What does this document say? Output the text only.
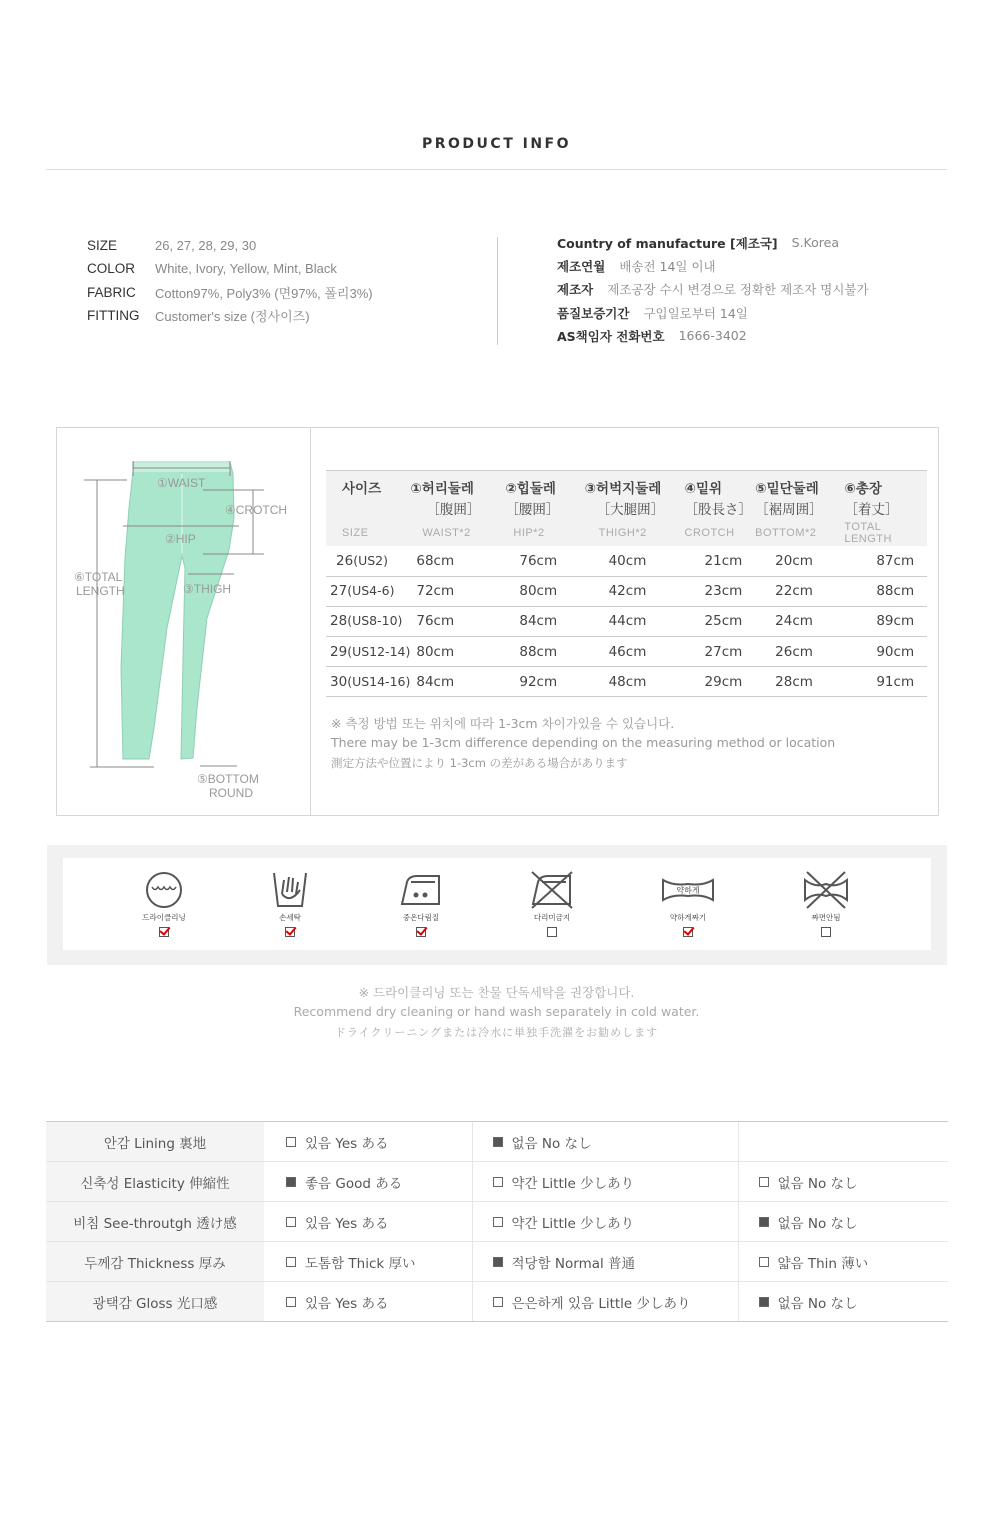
PRODUCT INFO
SIZE	26, 27, 28, 29, 30
COLOR	White, Ivory, Yellow, Mint, Black
FABRIC	Cotton97%, Poly3% (면97%, 폴리3%)
FITTING	Customer's size (정사이즈)
Country of manufacture [제조국] S.Korea
제조연월 배송전 14일 이내
제조자 제조공장 수시 변경으로 정확한 제조자 명시불가
품질보증기간 구입일로부터 14일
AS책임자 전화번호 1666-3402
①WAIST
④CROTCH
②HIP
⑥TOTAL
LENGTH	③THIGH
⑤BOTTOM
ROUND
사이즈	①허리둘레	②힙둘레	③허벅지둘레	④밑위	⑤밑단둘레	⑥총장
	［腹囲］	［腰囲］	［大腿囲］	［股長さ］	［裾周囲］	［着丈］
SIZE	WAIST*2	HIP*2	THIGH*2	CROTCH	BOTTOM*2	TOTAL LENGTH
26(US2)	68cm	76cm	40cm	21cm	20cm	87cm
27(US4-6)	72cm	80cm	42cm	23cm	22cm	88cm
28(US8-10)	76cm	84cm	44cm	25cm	24cm	89cm
29(US12-14)	80cm	88cm	46cm	27cm	26cm	90cm
30(US14-16)	84cm	92cm	48cm	29cm	28cm	91cm
※ 측정 방법 또는 위치에 따라 1-3cm 차이가있을 수 있습니다.
There may be 1-3cm difference depending on the measuring method or location
測定方法や位置により 1-3cm の差がある場合があります
드라이클리닝	손세탁	중온다림질	다리미금지
약하게
약하게짜기	짜면안됨
※ 드라이클리닝 또는 찬물 단독세탁을 권장합니다.
Recommend dry cleaning or hand wash separately in cold water.
ドライクリーニングまたは冷水に単独手洗濯をお勧めします
안감 Lining 裏地	있음 Yes ある	없음 No なし	

신축성 Elasticity 伸縮性	좋음 Good ある	약간 Little 少しあり	없음 No なし

비침 See-throutgh 透け感	있음 Yes ある	약간 Little 少しあり	없음 No なし

두께감 Thickness 厚み	도톰함 Thick 厚い	적당함 Normal 普通	얇음 Thin 薄い

광택감 Gloss 光口感	있음 Yes ある	은은하게 있음 Little 少しあり	없음 No なし
